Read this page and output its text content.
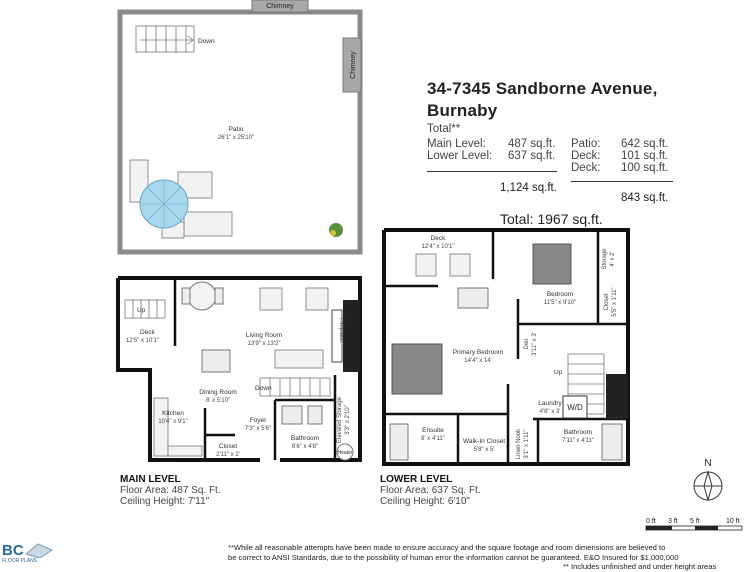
Chimney
Chimney
Down
Patio
26'1" x 25'10"
Fireplace
Up
Deck
12'5" x 10'1"
Living Room
13'9" x 13'2"
Dining Room
8' x 5'10"
Down
Kitchen
10'4" x 9'1"	Foyer
7'3" x 5'6"
Closet
2'11" x 2'
Bathroom
6'6" x 4'8"
Elevated Storage 3'3" x 2'10"
Heater
Deck
12'4" x 10'1"
Bedroom
11'5" x 9'10"
Storage 4' x 2'
Closet 5'5" x 1'11"
Primary Bedroom
14'4" x 14'
Den 3'11" x 3'
Up
Laundry
4'8" x 3' W/D
Ensuite
8' x 4'11"	Walk-In Closet
5'8" x 5'	Linen Nook 3'1" x 1'11"	Bathroom
7'11" x 4'11"
34-7345 Sandborne Avenue,
Burnaby
Total**
Main Level: 487 sq.ft.
Lower Level: 637 sq.ft.
Patio: 642 sq.ft.
Deck: 101 sq.ft.
Deck: 100 sq.ft.
1,124 sq.ft.
843 sq.ft.
Total: 1967 sq.ft.
MAIN LEVEL
Floor Area: 487 Sq. Ft.
Ceiling Height: 7'11"
LOWER LEVEL
Floor Area: 637 Sq. Ft.
Ceiling Height: 6'10"
N
0 ft 3 ft 5 ft	10 ft
BC
FLOOR PLANS
**While all reasonable attempts have been made to ensure accuracy and the square footage and room dimensions are believed to
be correct to ANSI Standards, due to the possibility of human error the information cannot be guaranteed. E&O Insured for $1,000,000
** Includes unfinished and under height areas
